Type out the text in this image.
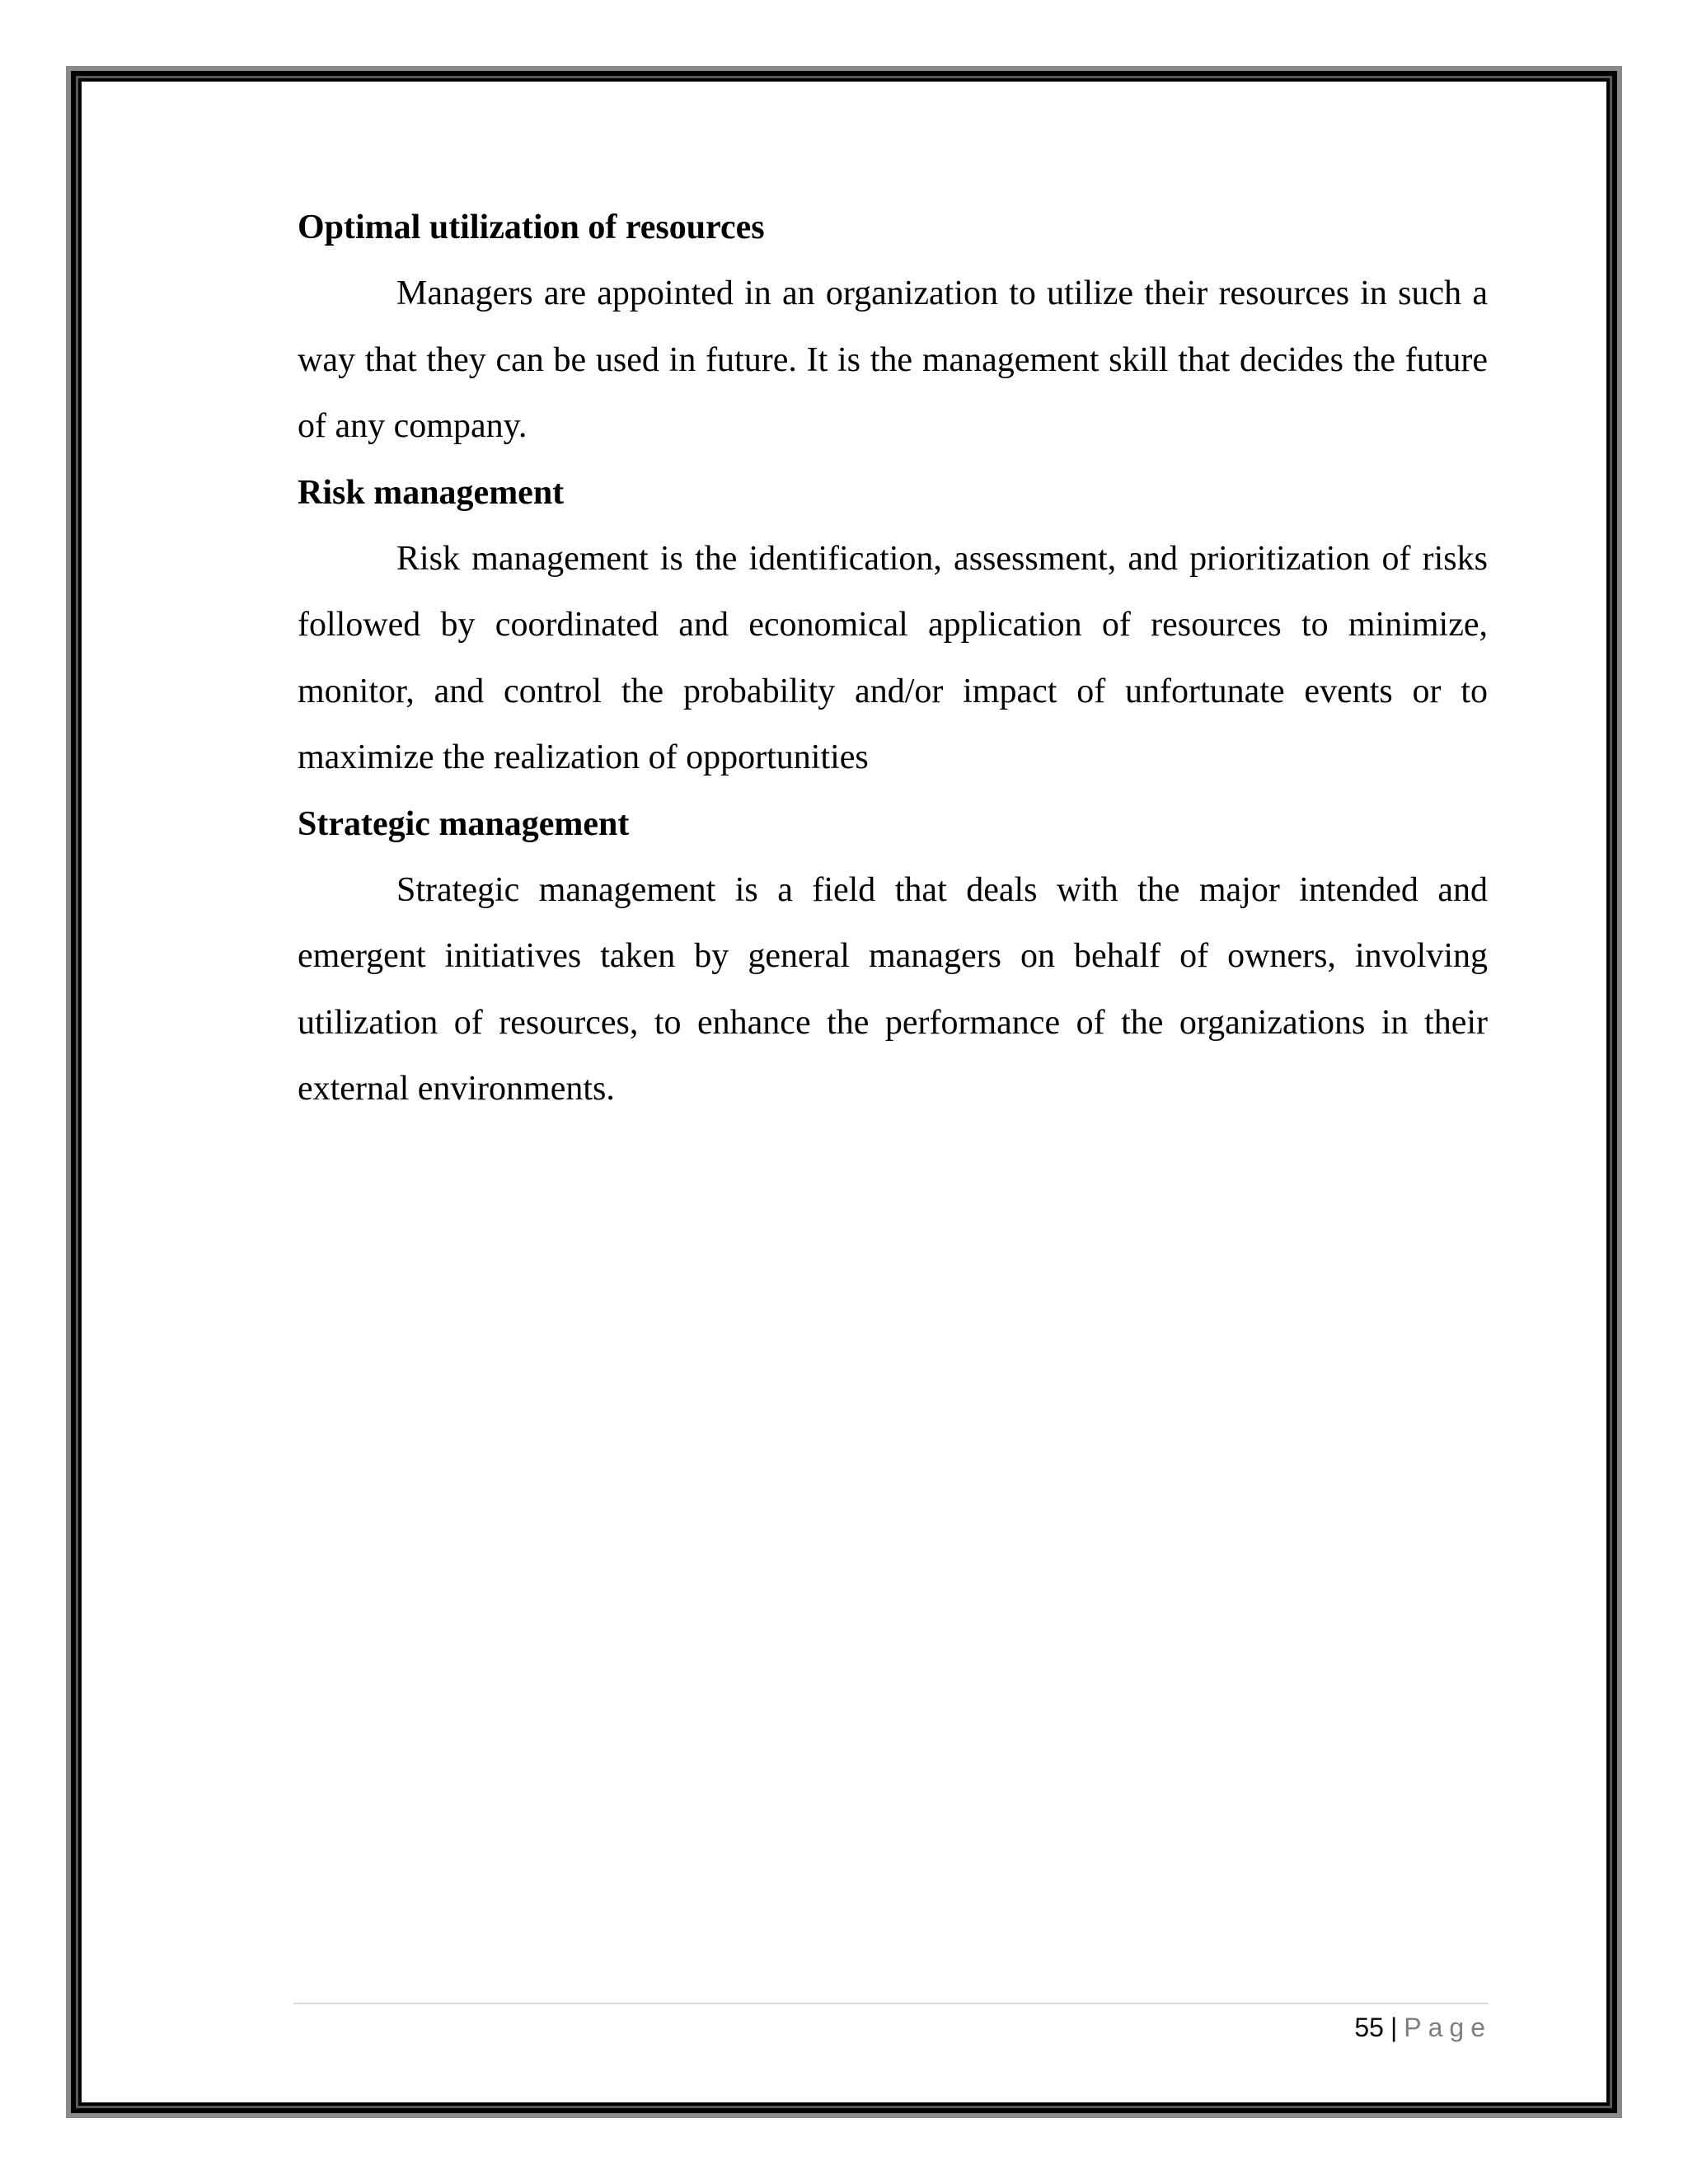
Optimal utilization of resources

Managers are appointed in an organization to utilize their resources in such a way that they can be used in future. It is the management skill that decides the future of any company.

Risk management

Risk management is the identification, assessment, and prioritization of risks followed by coordinated and economical application of resources to minimize, monitor, and control the probability and/or impact of unfortunate events or to maximize the realization of opportunities

Strategic management

Strategic management is a field that deals with the major intended and emergent initiatives taken by general managers on behalf of owners, involving utilization of resources, to enhance the performance of the organizations in their external environments.

55 | Page
